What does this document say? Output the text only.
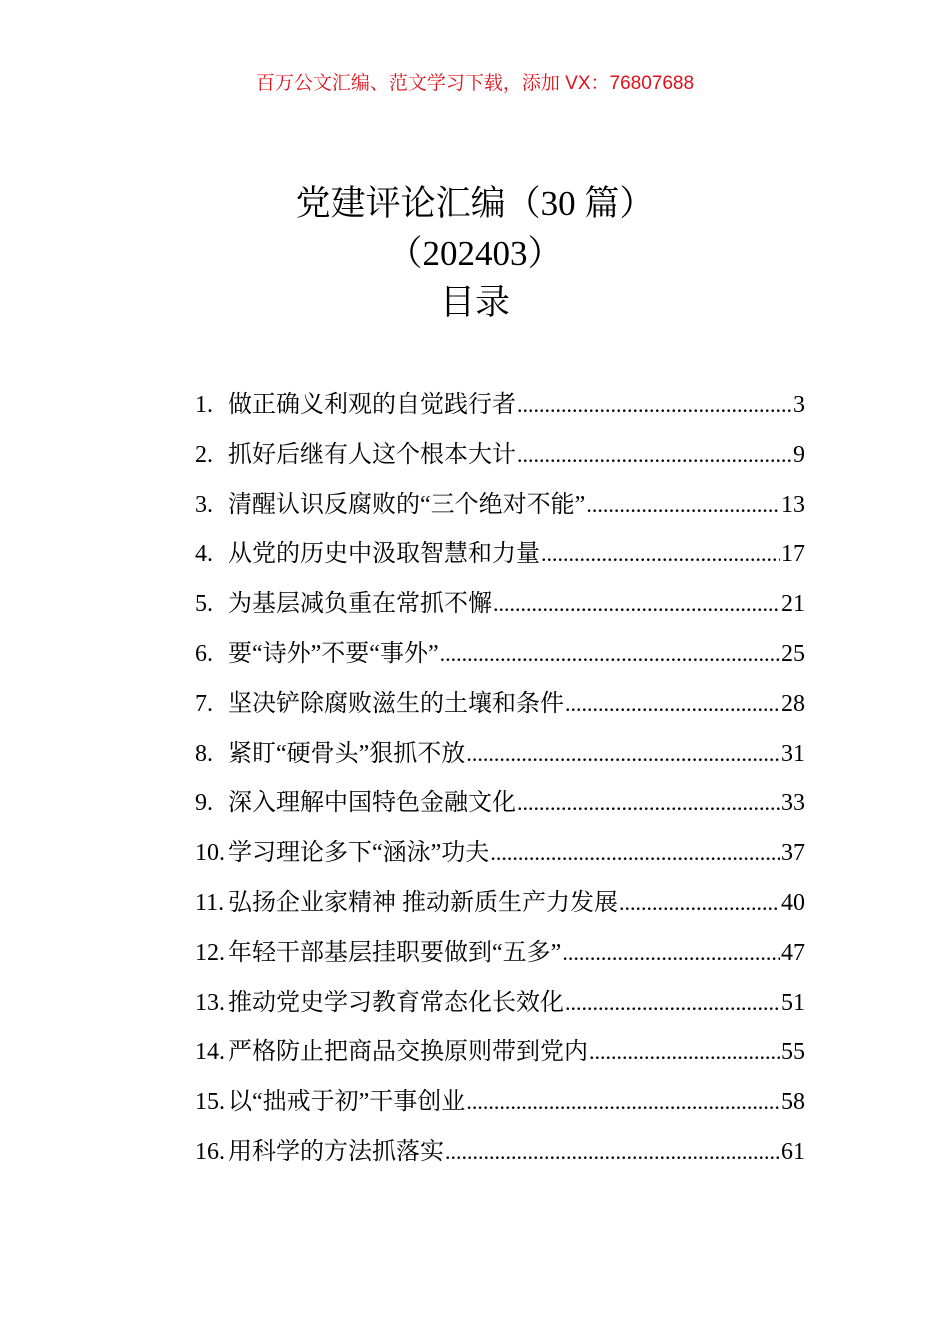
百万公文汇编、范文学习下载，添加 VX：76807688
党建评论汇编（30 篇）
（202403）
目录
1. 做正确义利观的自觉践行者 .....	3
2. 抓好后继有人这个根本大计 .....	9
3. 清醒认识反腐败的“三个绝对不能” .....	13
4. 从党的历史中汲取智慧和力量 .....	17
5. 为基层减负重在常抓不懈 .....	21
6. 要“诗外”不要“事外” .....	25
7. 坚决铲除腐败滋生的土壤和条件 .....	28
8. 紧盯“硬骨头”狠抓不放 .....	31
9. 深入理解中国特色金融文化 .....	33
10. 学习理论多下“涵泳”功夫 .....	37
11. 弘扬企业家精神 推动新质生产力发展 .....	40
12. 年轻干部基层挂职要做到“五多” .....	47
13. 推动党史学习教育常态化长效化 .....	51
14. 严格防止把商品交换原则带到党内 .....	55
15. 以“拙戒于初”干事创业 .....	58
16. 用科学的方法抓落实 .....	61
